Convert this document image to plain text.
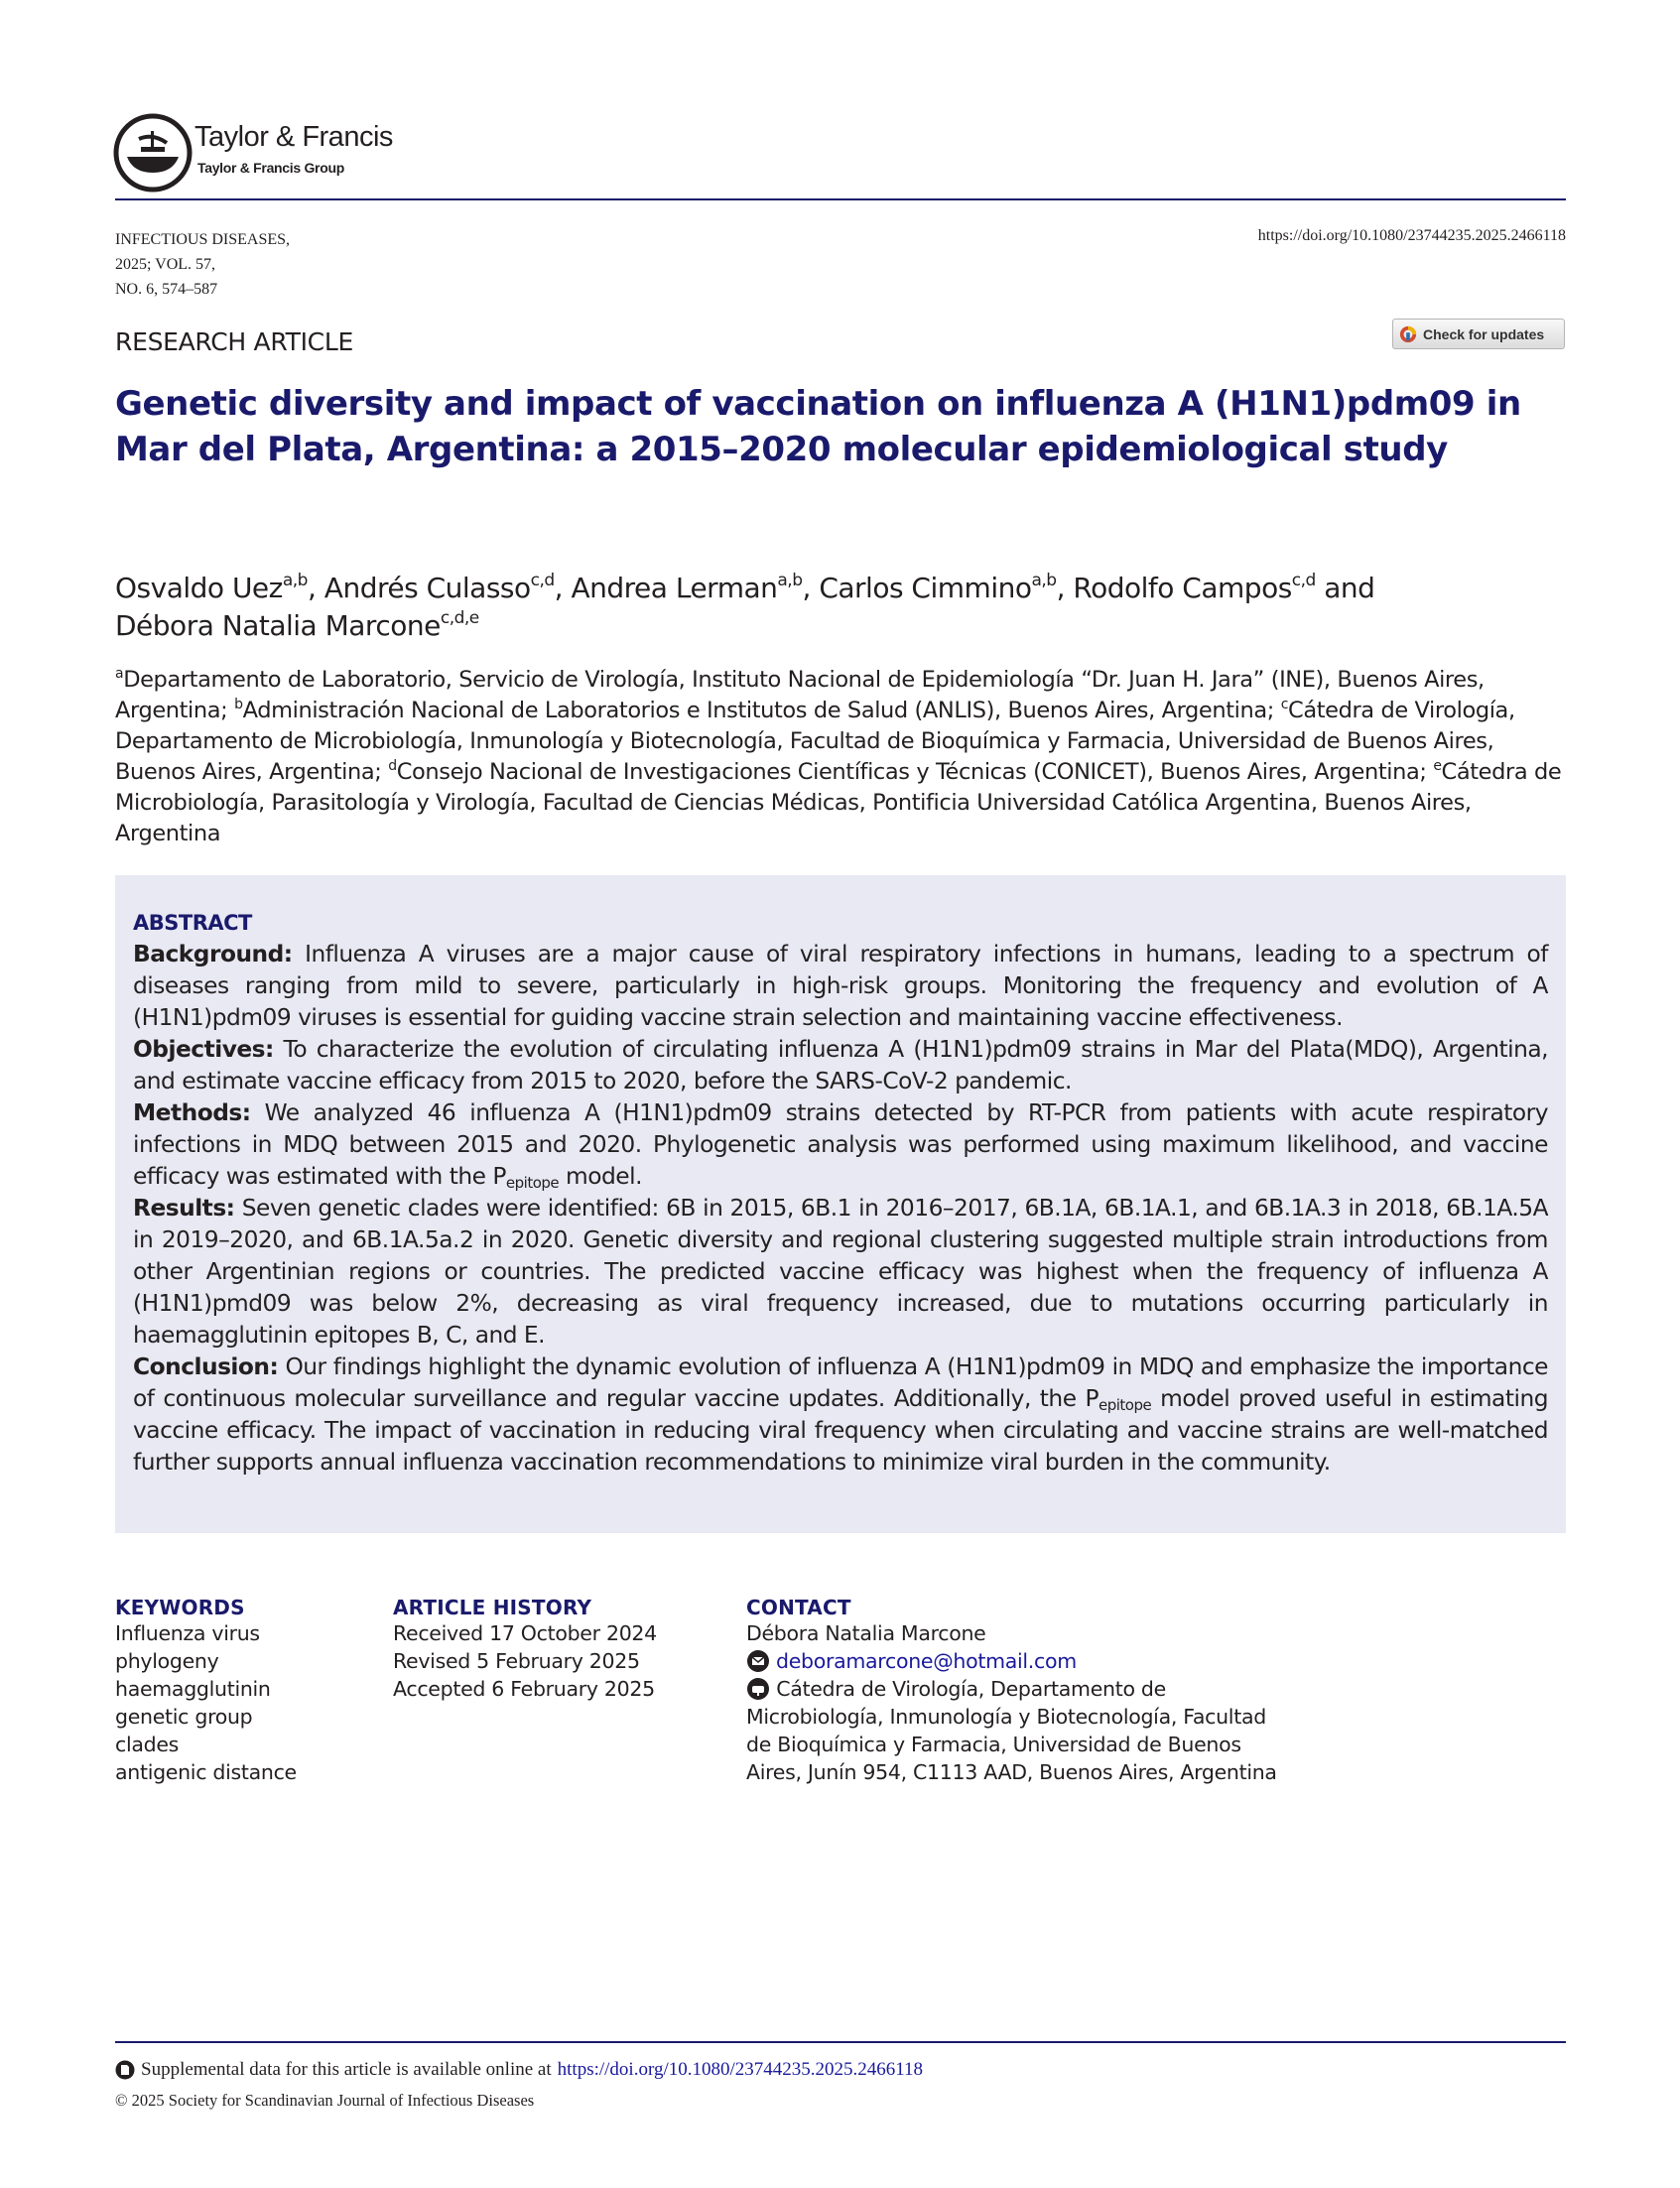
Taylor & Francis
Taylor & Francis Group
INFECTIOUS DISEASES,
2025; VOL. 57,
NO. 6, 574–587
https://doi.org/10.1080/23744235.2025.2466118
RESEARCH ARTICLE	Check for updates
Genetic diversity and impact of vaccination on influenza A (H1N1)pdm09 in Mar del Plata, Argentina: a 2015–2020 molecular epidemiological study
Osvaldo Uez$^{a,b}$, Andrés Culasso$^{c,d}$, Andrea Lerman$^{a,b}$, Carlos Cimmino$^{a,b}$, Rodolfo Campos$^{c,d}$ and
Débora Natalia Marcone$^{c,d,e}$
$^a$Departamento de Laboratorio, Servicio de Virología, Instituto Nacional de Epidemiología “Dr. Juan H. Jara” (INE), Buenos Aires, Argentina; $^b$Administración Nacional de Laboratorios e Institutos de Salud (ANLIS), Buenos Aires, Argentina; $^c$Cátedra de Virología, Departamento de Microbiología, Inmunología y Biotecnología, Facultad de Bioquímica y Farmacia, Universidad de Buenos Aires, Buenos Aires, Argentina; $^d$Consejo Nacional de Investigaciones Científicas y Técnicas (CONICET), Buenos Aires, Argentina; $^e$Cátedra de Microbiología, Parasitología y Virología, Facultad de Ciencias Médicas, Pontificia Universidad Católica Argentina, Buenos Aires, Argentina
ABSTRACT

Background: Influenza A viruses are a major cause of viral respiratory infections in humans, leading to a spectrum of diseases ranging from mild to severe, particularly in high-risk groups. Monitoring the frequency and evolution of A (H1N1)pdm09 viruses is essential for guiding vaccine strain selection and maintaining vaccine effectiveness.

Objectives: To characterize the evolution of circulating influenza A (H1N1)pdm09 strains in Mar del Plata(MDQ), Argentina, and estimate vaccine efficacy from 2015 to 2020, before the SARS-CoV-2 pandemic.

Methods: We analyzed 46 influenza A (H1N1)pdm09 strains detected by RT-PCR from patients with acute respiratory infections in MDQ between 2015 and 2020. Phylogenetic analysis was performed using maximum likelihood, and vaccine efficacy was estimated with the $P_{epitope}$ model.

Results: Seven genetic clades were identified: 6B in 2015, 6B.1 in 2016–2017, 6B.1A, 6B.1A.1, and 6B.1A.3 in 2018, 6B.1A.5A in 2019–2020, and 6B.1A.5a.2 in 2020. Genetic diversity and regional clustering suggested multiple strain introductions from other Argentinian regions or countries. The predicted vaccine efficacy was highest when the frequency of influenza A (H1N1)pmd09 was below 2%, decreasing as viral frequency increased, due to mutations occurring particularly in haemagglutinin epitopes B, C, and E.

Conclusion: Our findings highlight the dynamic evolution of influenza A (H1N1)pdm09 in MDQ and emphasize the importance of continuous molecular surveillance and regular vaccine updates. Additionally, the $P_{epitope}$ model proved useful in estimating vaccine efficacy. The impact of vaccination in reducing viral frequency when circulating and vaccine strains are well-matched further supports annual influenza vaccination recommendations to minimize viral burden in the community.

KEYWORDS
Influenza virus
phylogeny
haemagglutinin
genetic group
clades
antigenic distance
ARTICLE HISTORY
Received 17 October 2024
Revised 5 February 2025
Accepted 6 February 2025
CONTACT
Débora Natalia Marcone
deboramarcone@hotmail.com
Cátedra de Virología, Departamento de Microbiología, Inmunología y Biotecnología, Facultad de Bioquímica y Farmacia, Universidad de Buenos Aires, Junín 954, C1113 AAD, Buenos Aires, Argentina
Supplemental data for this article is available online at https://doi.org/10.1080/23744235.2025.2466118
© 2025 Society for Scandinavian Journal of Infectious Diseases
